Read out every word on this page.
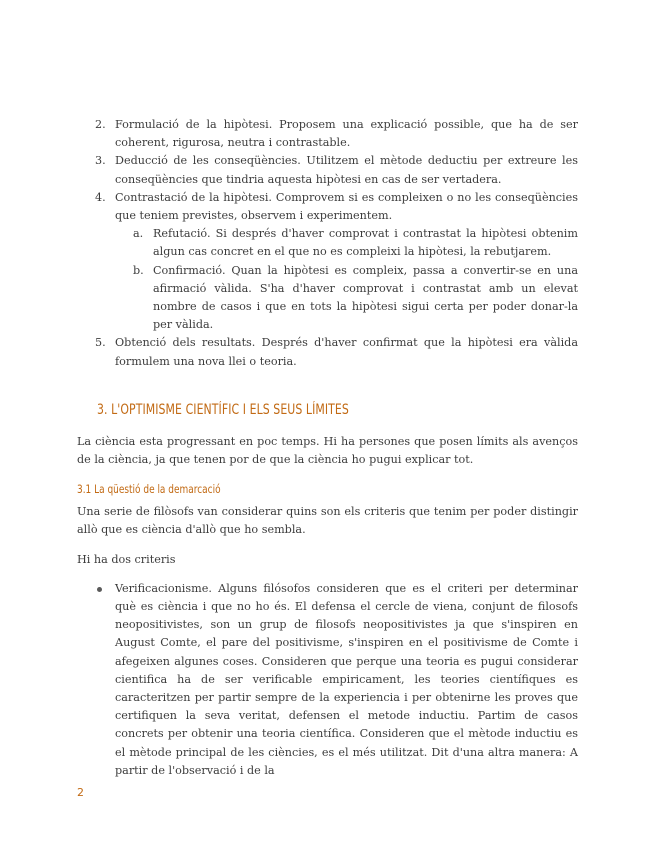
2. Formulació de la hipòtesi. Proposem una explicació possible, que ha de ser coherent, rigurosa, neutra i contrastable.
3. Deducció de les conseqüències. Utilitzem el mètode deductiu per extreure les conseqüències que tindria aquesta hipòtesi en cas de ser vertadera.
4. Contrastació de la hipòtesi. Comprovem si es compleixen o no les conseqüències que teniem previstes, observem i experimentem.
a. Refutació. Si després d'haver comprovat i contrastat la hipòtesi obtenim algun cas concret en el que no es compleixi la hipòtesi, la rebutjarem.
b. Confirmació. Quan la hipòtesi es compleix, passa a convertir-se en una afirmació vàlida. S'ha d'haver comprovat i contrastat amb un elevat nombre de casos i que en tots la hipòtesi sigui certa per poder donar-la per vàlida.
5. Obtenció dels resultats. Després d'haver confirmat que la hipòtesi era vàlida formulem una nova llei o teoria.
3. L'OPTIMISME CIENTÍFIC I ELS SEUS LÍMITES

La ciència esta progressant en poc temps. Hi ha persones que posen límits als avenços de la ciència, ja que tenen por de que la ciència ho pugui explicar tot.

3.1 La qüestió de la demarcació

Una serie de filòsofs van considerar quins son els criteris que tenim per poder distingir allò que es ciència d'allò que ho sembla.

Hi ha dos criteris

Verificacionisme. Alguns filósofos consideren que es el criteri per determinar què es ciència i que no ho és. El defensa el cercle de viena, conjunt de filosofs neopositivistes, son un grup de filosofs neopositivistes ja que s'inspiren en August Comte, el pare del positivisme, s'inspiren en el positivisme de Comte i afegeixen algunes coses. Consideren que perque una teoria es pugui considerar cientifica ha de ser verificable empiricament, les teories científiques es caracteritzen per partir sempre de la experiencia i per obtenirne les proves que certifiquen la seva veritat, defensen el metode inductiu. Partim de casos concrets per obtenir una teoria científica. Consideren que el mètode inductiu es el mètode principal de les ciències, es el més utilitzat. Dit d'una altra manera: A partir de l'observació i de la
2
